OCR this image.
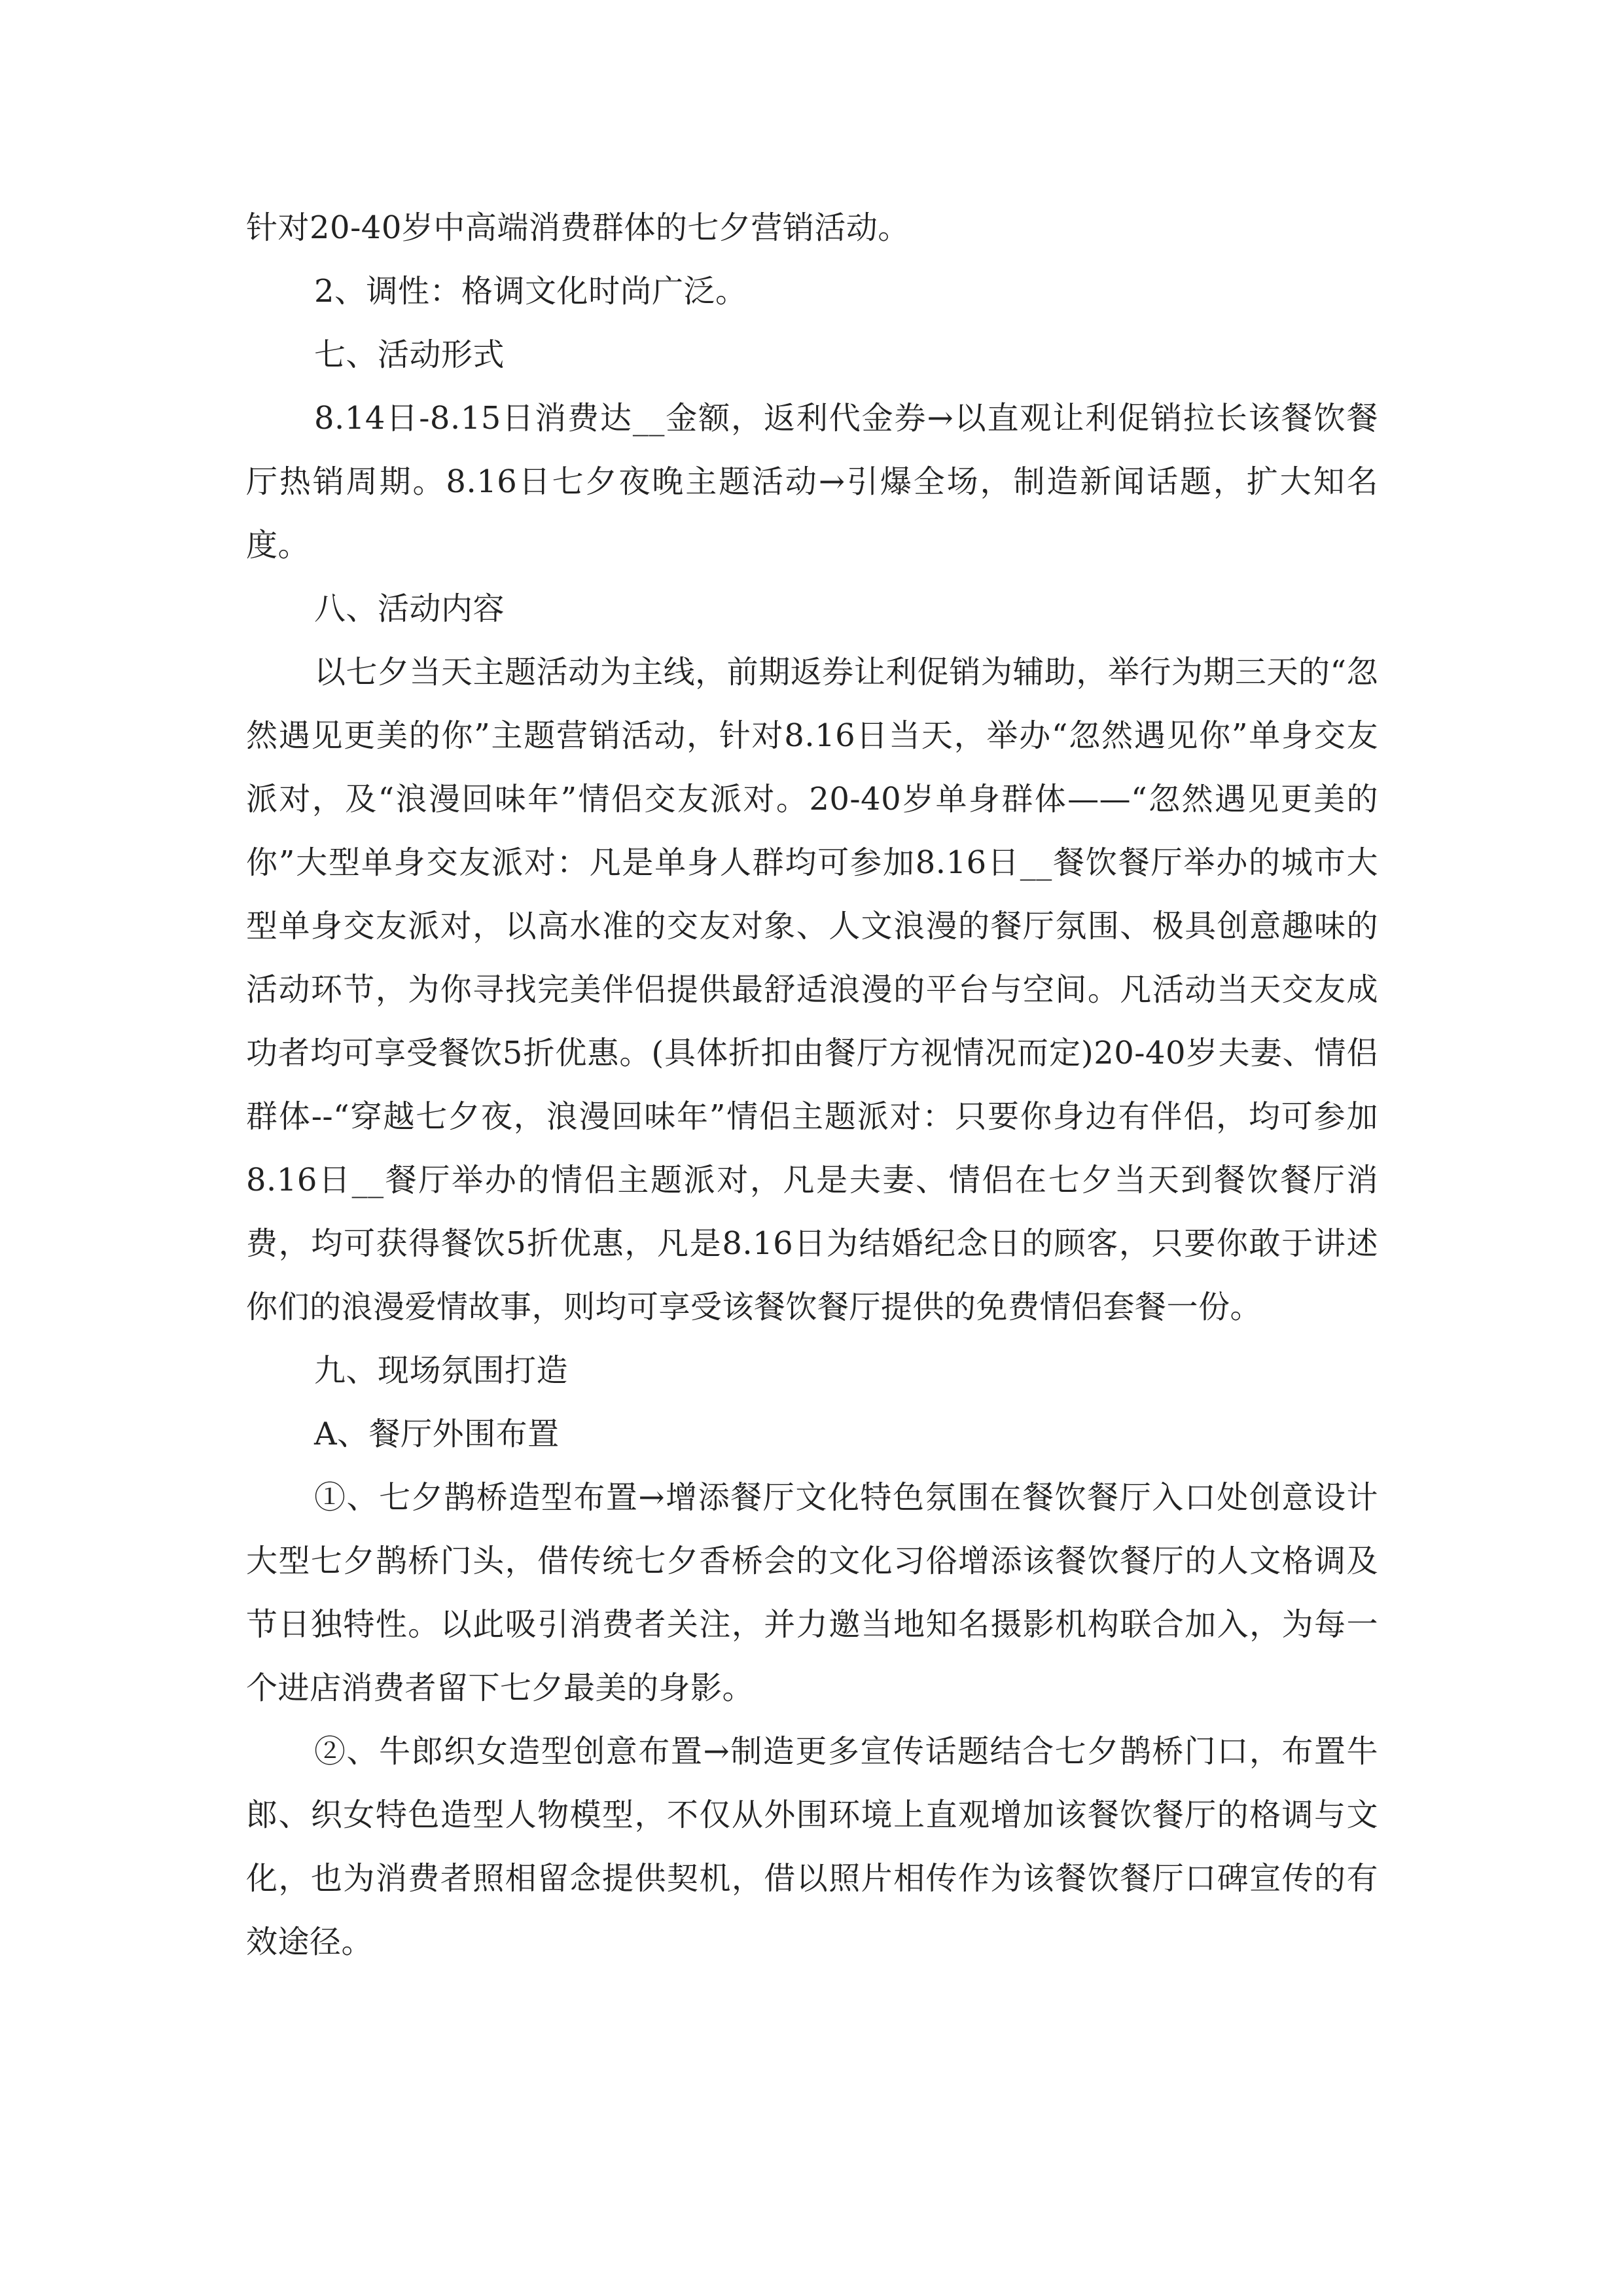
针对20-40岁中高端消费群体的七夕营销活动。

2、调性：格调文化时尚广泛。

七、活动形式

8.14日-8.15日消费达__金额，返利代金券→以直观让利促销拉长该餐饮餐厅热销周期。8.16日七夕夜晚主题活动→引爆全场，制造新闻话题，扩大知名度。

八、活动内容

以七夕当天主题活动为主线，前期返券让利促销为辅助，举行为期三天的“忽然遇见更美的你”主题营销活动，针对8.16日当天，举办“忽然遇见你”单身交友派对，及“浪漫回味年”情侣交友派对。20-40岁单身群体——“忽然遇见更美的你”大型单身交友派对：凡是单身人群均可参加8.16日__餐饮餐厅举办的城市大型单身交友派对，以高水准的交友对象、人文浪漫的餐厅氛围、极具创意趣味的活动环节，为你寻找完美伴侣提供最舒适浪漫的平台与空间。凡活动当天交友成功者均可享受餐饮5折优惠。(具体折扣由餐厅方视情况而定)20-40岁夫妻、情侣群体--“穿越七夕夜，浪漫回味年”情侣主题派对：只要你身边有伴侣，均可参加8.16日__餐厅举办的情侣主题派对，凡是夫妻、情侣在七夕当天到餐饮餐厅消费，均可获得餐饮5折优惠，凡是8.16日为结婚纪念日的顾客，只要你敢于讲述你们的浪漫爱情故事，则均可享受该餐饮餐厅提供的免费情侣套餐一份。

九、现场氛围打造

A、餐厅外围布置

①、七夕鹊桥造型布置→增添餐厅文化特色氛围在餐饮餐厅入口处创意设计大型七夕鹊桥门头，借传统七夕香桥会的文化习俗增添该餐饮餐厅的人文格调及节日独特性。以此吸引消费者关注，并力邀当地知名摄影机构联合加入，为每一个进店消费者留下七夕最美的身影。

②、牛郎织女造型创意布置→制造更多宣传话题结合七夕鹊桥门口，布置牛郎、织女特色造型人物模型，不仅从外围环境上直观增加该餐饮餐厅的格调与文化，也为消费者照相留念提供契机，借以照片相传作为该餐饮餐厅口碑宣传的有效途径。
